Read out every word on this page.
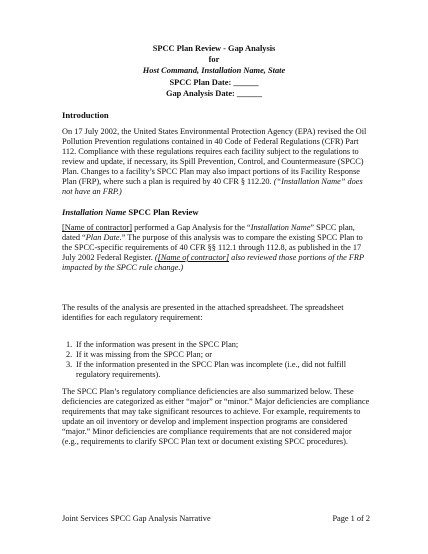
SPCC Plan Review - Gap Analysis
for
Host Command, Installation Name, State
SPCC Plan Date: ______
Gap Analysis Date: ______
Introduction
On 17 July 2002, the United States Environmental Protection Agency (EPA) revised the Oil Pollution Prevention regulations contained in 40 Code of Federal Regulations (CFR) Part 112. Compliance with these regulations requires each facility subject to the regulations to review and update, if necessary, its Spill Prevention, Control, and Countermeasure (SPCC) Plan. Changes to a facility’s SPCC Plan may also impact portions of its Facility Response Plan (FRP), where such a plan is required by 40 CFR § 112.20. (“Installation Name” does not have an FRP.)
Installation Name SPCC Plan Review
[Name of contractor] performed a Gap Analysis for the “Installation Name” SPCC plan, dated “Plan Date.” The purpose of this analysis was to compare the existing SPCC Plan to the SPCC-specific requirements of 40 CFR §§ 112.1 through 112.8, as published in the 17 July 2002 Federal Register. ([Name of contractor] also reviewed those portions of the FRP impacted by the SPCC rule change.)
The results of the analysis are presented in the attached spreadsheet. The spreadsheet identifies for each regulatory requirement:
1. If the information was present in the SPCC Plan;
2. If it was missing from the SPCC Plan; or
3. If the information presented in the SPCC Plan was incomplete (i.e., did not fulfill regulatory requirements).
The SPCC Plan’s regulatory compliance deficiencies are also summarized below. These deficiencies are categorized as either “major” or “minor.” Major deficiencies are compliance requirements that may take significant resources to achieve. For example, requirements to update an oil inventory or develop and implement inspection programs are considered “major.” Minor deficiencies are compliance requirements that are not considered major (e.g., requirements to clarify SPCC Plan text or document existing SPCC procedures).
Joint Services SPCC Gap Analysis Narrative	Page 1 of 2
